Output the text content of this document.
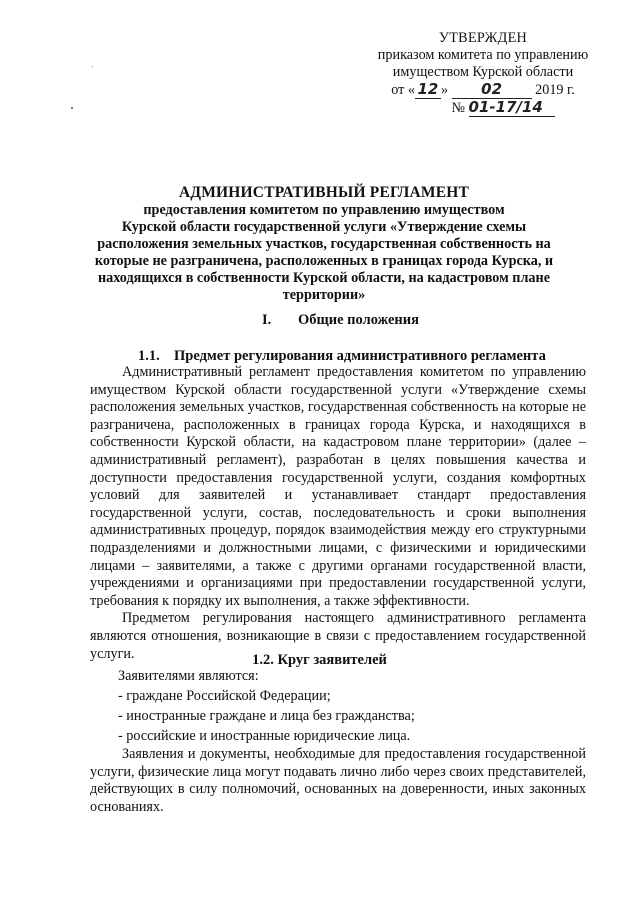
УТВЕРЖДЕН
приказом комитета по управлению
имуществом Курской области
от « 12 » 02 2019 г.
№ 01-17/14
АДМИНИСТРАТИВНЫЙ РЕГЛАМЕНТ
предоставления комитетом по управлению имуществом
Курской области государственной услуги «Утверждение схемы
расположения земельных участков, государственная собственность на
которые не разграничена, расположенных в границах города Курска, и
находящихся в собственности Курской области, на кадастровом плане
территории»
I. Общие положения
1.1. Предмет регулирования административного регламента

Административный регламент предоставления комитетом по управлению имуществом Курской области государственной услуги «Утверждение схемы расположения земельных участков, государственная собственность на которые не разграничена, расположенных в границах города Курска, и находящихся в собственности Курской области, на кадастровом плане территории» (далее – административный регламент), разработан в целях повышения качества и доступности предоставления государственной услуги, создания комфортных условий для заявителей и устанавливает стандарт предоставления государственной услуги, состав, последовательность и сроки выполнения административных процедур, порядок взаимодействия между его структурными подразделениями и должностными лицами, с физическими и юридическими лицами – заявителями, а также с другими органами государственной власти, учреждениями и организациями при предоставлении государственной услуги, требования к порядку их выполнения, а также эффективности.

Предметом регулирования настоящего административного регламента являются отношения, возникающие в связи с предоставлением государственной услуги.	1.2. Круг заявителей
Заявителями являются:
- граждане Российской Федерации;
- иностранные граждане и лица без гражданства;
- российские и иностранные юридические лица.

Заявления и документы, необходимые для предоставления государственной услуги, физические лица могут подавать лично либо через своих представителей, действующих в силу полномочий, основанных на доверенности, иных законных основаниях.
